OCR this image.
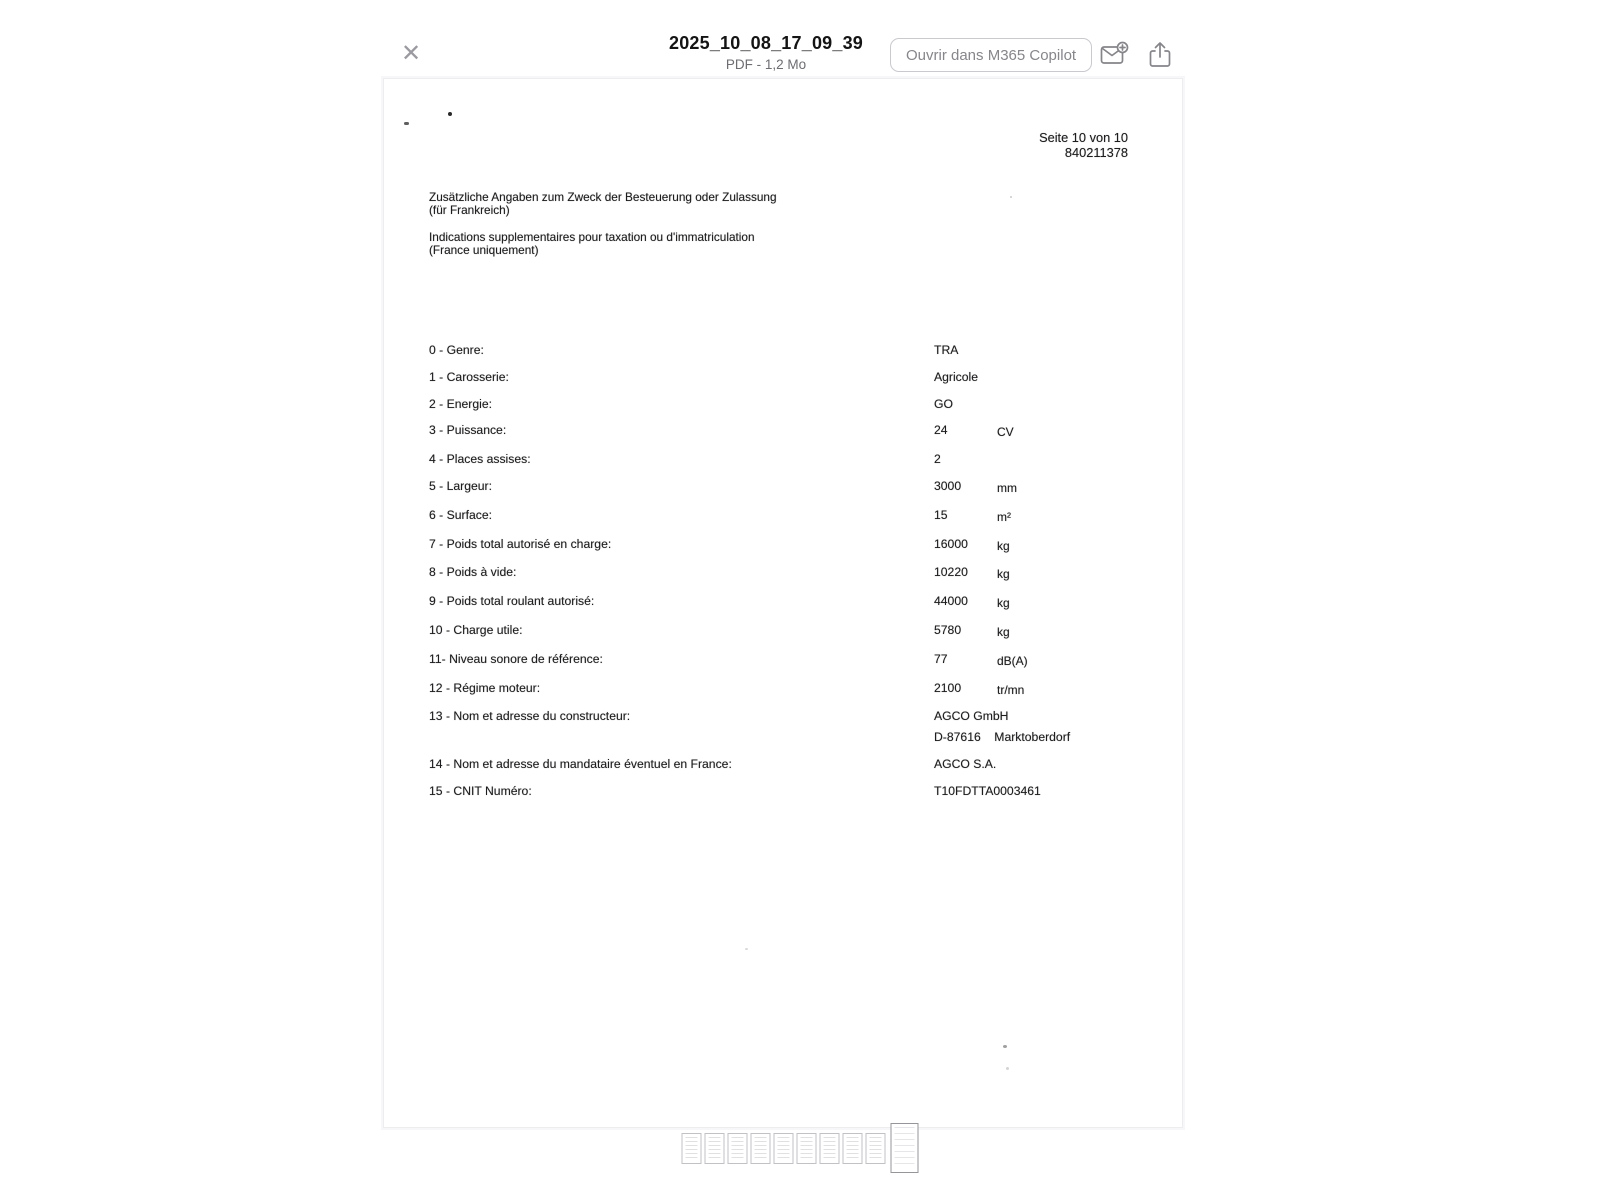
✕	2025_10_08_17_09_39
PDF - 1,2 Mo
Ouvrir dans M365 Copilot
Seite 10 von 10
840211378

Zusätzliche Angaben zum Zweck der Besteuerung oder Zulassung
(für Frankreich)

Indications supplementaires pour taxation ou d'immatriculation
(France uniquement)

0 - Genre:	TRA
1 - Carosserie:	Agricole
2 - Energie:	GO
3 - Puissance:	24	CV
4 - Places assises:	2
5 - Largeur:	3000	mm
6 - Surface:	15	m²
7 - Poids total autorisé en charge:	16000	kg
8 - Poids à vide:	10220	kg
9 - Poids total roulant autorisé:	44000	kg
10 - Charge utile:	5780	kg
11- Niveau sonore de référence:	77	dB(A)
12 - Régime moteur:	2100	tr/mn
13 - Nom et adresse du constructeur:	AGCO GmbH
D-87616    Marktoberdorf
14 - Nom et adresse du mandataire éventuel en France:	AGCO S.A.
15 - CNIT Numéro:	T10FDTTA0003461
